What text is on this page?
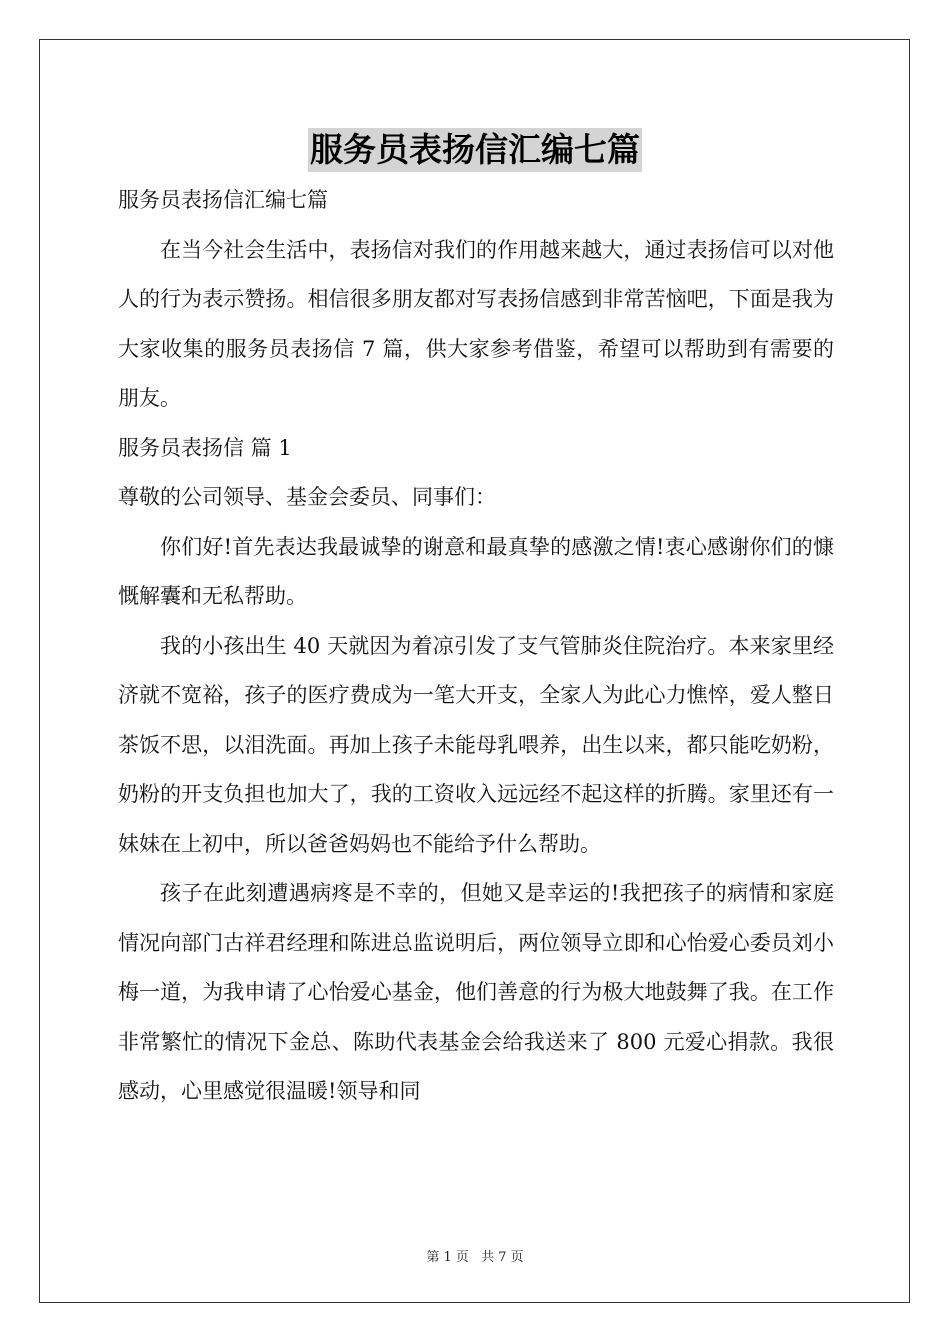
服务员表扬信汇编七篇

服务员表扬信汇编七篇

在当今社会生活中，表扬信对我们的作用越来越大，通过表扬信可以对他人的行为表示赞扬。相信很多朋友都对写表扬信感到非常苦恼吧，下面是我为大家收集的服务员表扬信 7 篇，供大家参考借鉴，希望可以帮助到有需要的朋友。

服务员表扬信 篇 1

尊敬的公司领导、基金会委员、同事们：

你们好!首先表达我最诚挚的谢意和最真挚的感激之情!衷心感谢你们的慷慨解囊和无私帮助。

我的小孩出生 40 天就因为着凉引发了支气管肺炎住院治疗。本来家里经济就不宽裕，孩子的医疗费成为一笔大开支，全家人为此心力憔悴，爱人整日茶饭不思，以泪洗面。再加上孩子未能母乳喂养，出生以来，都只能吃奶粉，奶粉的开支负担也加大了，我的工资收入远远经不起这样的折腾。家里还有一妹妹在上初中，所以爸爸妈妈也不能给予什么帮助。

孩子在此刻遭遇病疼是不幸的，但她又是幸运的!我把孩子的病情和家庭情况向部门古祥君经理和陈进总监说明后，两位领导立即和心怡爱心委员刘小梅一道，为我申请了心怡爱心基金，他们善意的行为极大地鼓舞了我。在工作非常繁忙的情况下金总、陈助代表基金会给我送来了 800 元爱心捐款。我很感动，心里感觉很温暖!领导和同

第 1 页 共 7 页
